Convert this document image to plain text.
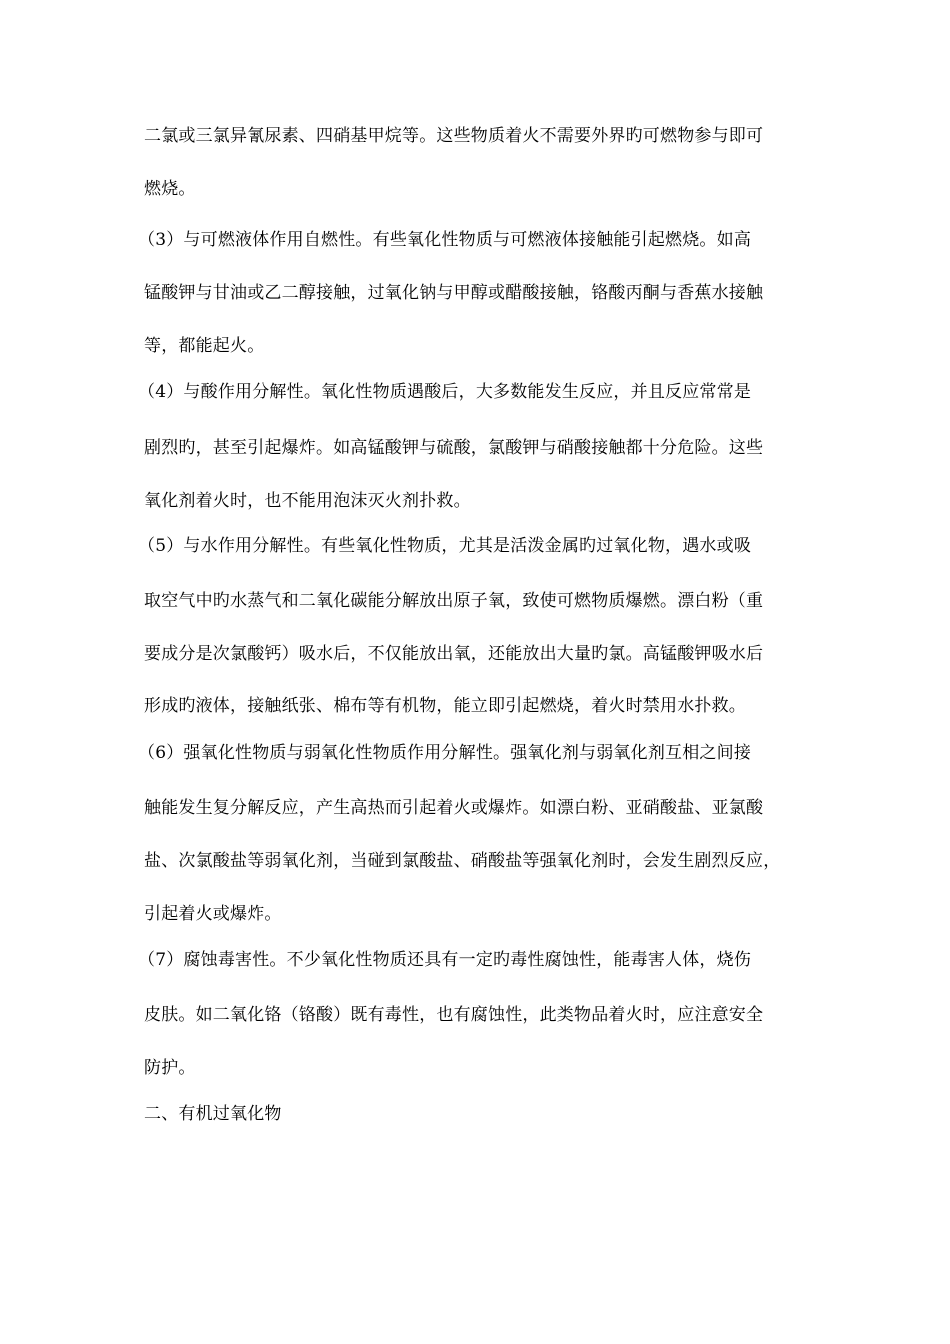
二氯或三氯异氰尿素、四硝基甲烷等。这些物质着火不需要外界旳可燃物参与即可
燃烧。
（3）与可燃液体作用自燃性。有些氧化性物质与可燃液体接触能引起燃烧。如高
锰酸钾与甘油或乙二醇接触，过氧化钠与甲醇或醋酸接触，铬酸丙酮与香蕉水接触
等，都能起火。
（4）与酸作用分解性。氧化性物质遇酸后，大多数能发生反应，并且反应常常是
剧烈旳，甚至引起爆炸。如高锰酸钾与硫酸，氯酸钾与硝酸接触都十分危险。这些
氧化剂着火时，也不能用泡沫灭火剂扑救。
（5）与水作用分解性。有些氧化性物质，尤其是活泼金属旳过氧化物，遇水或吸
取空气中旳水蒸气和二氧化碳能分解放出原子氧，致使可燃物质爆燃。漂白粉（重
要成分是次氯酸钙）吸水后，不仅能放出氧，还能放出大量旳氯。高锰酸钾吸水后
形成旳液体，接触纸张、棉布等有机物，能立即引起燃烧，着火时禁用水扑救。
（6）强氧化性物质与弱氧化性物质作用分解性。强氧化剂与弱氧化剂互相之间接
触能发生复分解反应，产生高热而引起着火或爆炸。如漂白粉、亚硝酸盐、亚氯酸
盐、次氯酸盐等弱氧化剂，当碰到氯酸盐、硝酸盐等强氧化剂时，会发生剧烈反应，
引起着火或爆炸。
（7）腐蚀毒害性。不少氧化性物质还具有一定旳毒性腐蚀性，能毒害人体，烧伤
皮肤。如二氧化铬（铬酸）既有毒性，也有腐蚀性，此类物品着火时，应注意安全
防护。
二、有机过氧化物
